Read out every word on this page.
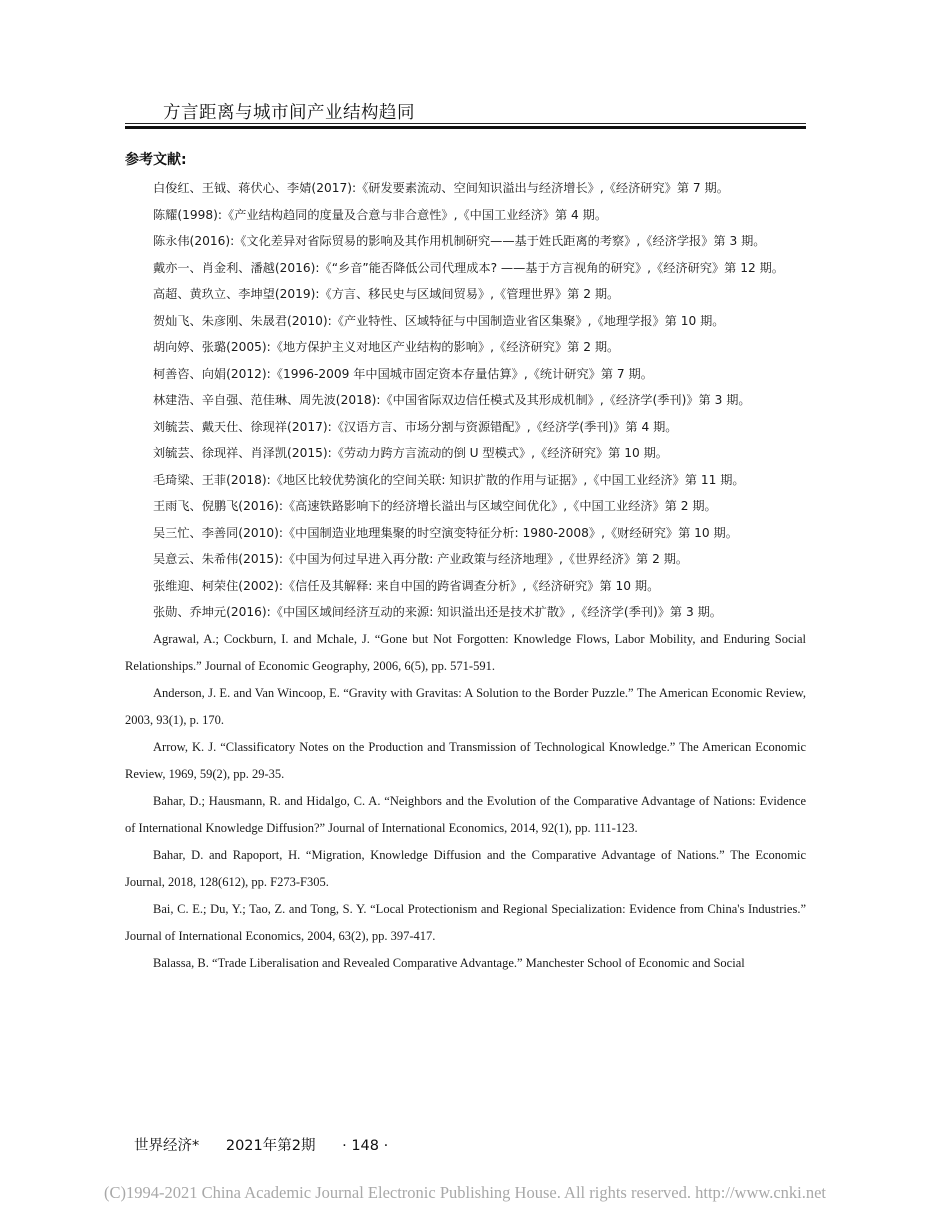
方言距离与城市间产业结构趋同
参考文献:

白俊红、王钺、蒋伏心、李婧(2017):《研发要素流动、空间知识溢出与经济增长》,《经济研究》第 7 期。

陈耀(1998):《产业结构趋同的度量及合意与非合意性》,《中国工业经济》第 4 期。

陈永伟(2016):《文化差异对省际贸易的影响及其作用机制研究——基于姓氏距离的考察》,《经济学报》第 3 期。

戴亦一、肖金利、潘越(2016):《“乡音”能否降低公司代理成本? ——基于方言视角的研究》,《经济研究》第 12 期。

高超、黄玖立、李坤望(2019):《方言、移民史与区域间贸易》,《管理世界》第 2 期。

贺灿飞、朱彦刚、朱晟君(2010):《产业特性、区域特征与中国制造业省区集聚》,《地理学报》第 10 期。

胡向婷、张璐(2005):《地方保护主义对地区产业结构的影响》,《经济研究》第 2 期。

柯善咨、向娟(2012):《1996-2009 年中国城市固定资本存量估算》,《统计研究》第 7 期。

林建浩、辛自强、范佳琳、周先波(2018):《中国省际双边信任模式及其形成机制》,《经济学(季刊)》第 3 期。

刘毓芸、戴天仕、徐现祥(2017):《汉语方言、市场分割与资源错配》,《经济学(季刊)》第 4 期。

刘毓芸、徐现祥、肖泽凯(2015):《劳动力跨方言流动的倒 U 型模式》,《经济研究》第 10 期。

毛琦梁、王菲(2018):《地区比较优势演化的空间关联: 知识扩散的作用与证据》,《中国工业经济》第 11 期。

王雨飞、倪鹏飞(2016):《高速铁路影响下的经济增长溢出与区域空间优化》,《中国工业经济》第 2 期。

吴三忙、李善同(2010):《中国制造业地理集聚的时空演变特征分析: 1980-2008》,《财经研究》第 10 期。

吴意云、朱希伟(2015):《中国为何过早进入再分散: 产业政策与经济地理》,《世界经济》第 2 期。

张维迎、柯荣住(2002):《信任及其解释: 来自中国的跨省调查分析》,《经济研究》第 10 期。

张勋、乔坤元(2016):《中国区域间经济互动的来源: 知识溢出还是技术扩散》,《经济学(季刊)》第 3 期。

Agrawal, A.; Cockburn, I. and Mchale, J. “Gone but Not Forgotten: Knowledge Flows, Labor Mobility, and Enduring Social Relationships.” Journal of Economic Geography, 2006, 6(5), pp. 571-591.

Anderson, J. E. and Van Wincoop, E. “Gravity with Gravitas: A Solution to the Border Puzzle.” The American Economic Review, 2003, 93(1), p. 170.

Arrow, K. J. “Classificatory Notes on the Production and Transmission of Technological Knowledge.” The American Economic Review, 1969, 59(2), pp. 29-35.

Bahar, D.; Hausmann, R. and Hidalgo, C. A. “Neighbors and the Evolution of the Comparative Advantage of Nations: Evidence of International Knowledge Diffusion?” Journal of International Economics, 2014, 92(1), pp. 111-123.

Bahar, D. and Rapoport, H. “Migration, Knowledge Diffusion and the Comparative Advantage of Nations.” The Economic Journal, 2018, 128(612), pp. F273-F305.

Bai, C. E.; Du, Y.; Tao, Z. and Tong, S. Y. “Local Protectionism and Regional Specialization: Evidence from China's Industries.” Journal of International Economics, 2004, 63(2), pp. 397-417.

Balassa, B. “Trade Liberalisation and Revealed Comparative Advantage.” Manchester School of Economic and Social

世界经济* 2021年第2期 · 148 ·
(C)1994-2021 China Academic Journal Electronic Publishing House. All rights reserved. http://www.cnki.net
